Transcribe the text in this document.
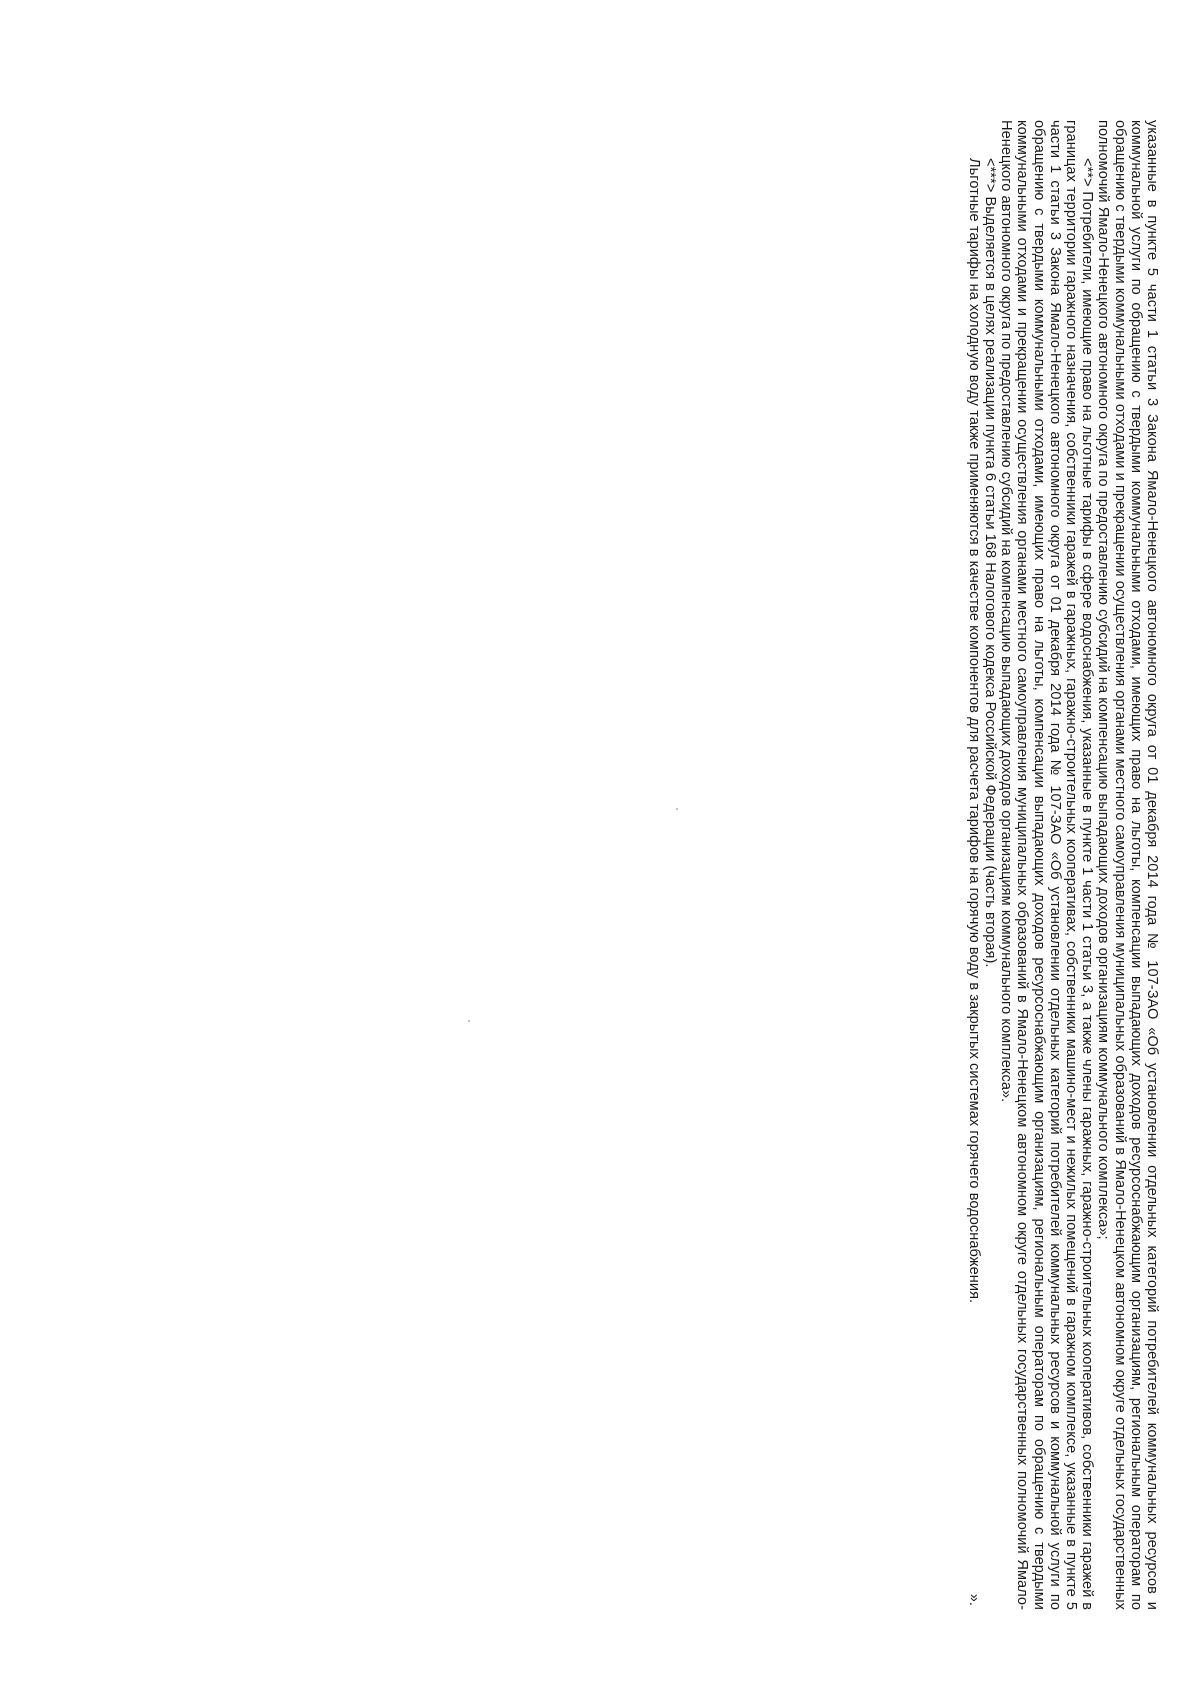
указанные в пункте 5 части 1 статьи 3 Закона Ямало-Ненецкого автономного округа от 01 декабря 2014 года № 107-ЗАО «Об установлении отдельных категорий потребителей коммунальных ресурсов и коммунальной услуги по обращению с твердыми коммунальными отходами, имеющих право на льготы, компенсации выпадающих доходов ресурсоснабжающим организациям, региональным операторам по обращению с твердыми коммунальными отходами и прекращении осуществления органами местного самоуправления муниципальных образований в Ямало-Ненецком автономном округе отдельных государственных полномочий Ямало-Ненецкого автономного округа по предоставлению субсидий на компенсацию выпадающих доходов организациям коммунального комплекса»;

<**> Потребители, имеющие право на льготные тарифы в сфере водоснабжения, указанные в пункте 1 части 1 статьи 3, а также члены гаражных, гаражно-строительных кооперативов, собственники гаражей в границах территории гаражного назначения, собственники гаражей в гаражных, гаражно-строительных кооперативах, собственники машино-мест и нежилых помещений в гаражном комплексе, указанные в пункте 5 части 1 статьи 3 Закона Ямало-Ненецкого автономного округа от 01 декабря 2014 года № 107-ЗАО «Об установлении отдельных категорий потребителей коммунальных ресурсов и коммунальной услуги по обращению с твердыми коммунальными отходами, имеющих право на льготы, компенсации выпадающих доходов ресурсоснабжающим организациям, региональным операторам по обращению с твердыми коммунальными отходами и прекращении осуществления органами местного самоуправления муниципальных образований в Ямало-Ненецком автономном округе отдельных государственных полномочий Ямало-Ненецкого автономного округа по предоставлению субсидий на компенсацию выпадающих доходов организациям коммунального комплекса».

<***> Выделяется в целях реализации пункта 6 статьи 168 Налогового кодекса Российской Федерации (часть вторая).

Льготные тарифы на холодную воду также применяются в качестве компонентов для расчета тарифов на горячую воду в закрытых системах горячего водоснабжения.

».
